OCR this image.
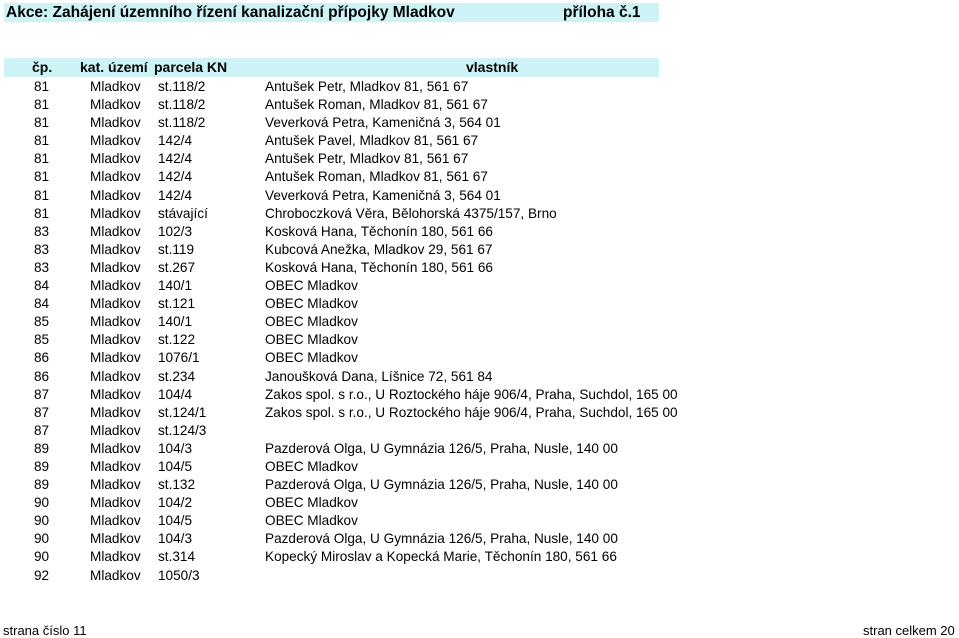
Akce: Zahájení územního řízení kanalizační přípojky Mladkov	příloha č.1
čp. kat. území parcela KN	vlastník
81	Mladkov st.118/2	Antušek Petr, Mladkov 81, 561 67
81	Mladkov st.118/2	Antušek Roman, Mladkov 81, 561 67
81	Mladkov st.118/2	Veverková Petra, Kameničná 3, 564 01
81	Mladkov 142/4	Antušek Pavel, Mladkov 81, 561 67
81	Mladkov 142/4	Antušek Petr, Mladkov 81, 561 67
81	Mladkov 142/4	Antušek Roman, Mladkov 81, 561 67
81	Mladkov 142/4	Veverková Petra, Kameničná 3, 564 01
81	Mladkov stávající	Chroboczková Věra, Bělohorská 4375/157, Brno
83	Mladkov 102/3	Kosková Hana, Těchonín 180, 561 66
83	Mladkov st.119	Kubcová Anežka, Mladkov 29, 561 67
83	Mladkov st.267	Kosková Hana, Těchonín 180, 561 66
84	Mladkov 140/1	OBEC Mladkov
84	Mladkov st.121	OBEC Mladkov
85	Mladkov 140/1	OBEC Mladkov
85	Mladkov st.122	OBEC Mladkov
86	Mladkov 1076/1	OBEC Mladkov
86	Mladkov st.234	Janoušková Dana, Líšnice 72, 561 84
87	Mladkov 104/4	Zakos spol. s r.o., U Roztockého háje 906/4, Praha, Suchdol, 165 00
87	Mladkov st.124/1	Zakos spol. s r.o., U Roztockého háje 906/4, Praha, Suchdol, 165 00
87	Mladkov st.124/3
89	Mladkov 104/3	Pazderová Olga, U Gymnázia 126/5, Praha, Nusle, 140 00
89	Mladkov 104/5	OBEC Mladkov
89	Mladkov st.132	Pazderová Olga, U Gymnázia 126/5, Praha, Nusle, 140 00
90	Mladkov 104/2	OBEC Mladkov
90	Mladkov 104/5	OBEC Mladkov
90	Mladkov 104/3	Pazderová Olga, U Gymnázia 126/5, Praha, Nusle, 140 00
90	Mladkov st.314	Kopecký Miroslav a Kopecká Marie, Těchonín 180, 561 66
92	Mladkov 1050/3
strana číslo 11	stran celkem 20
